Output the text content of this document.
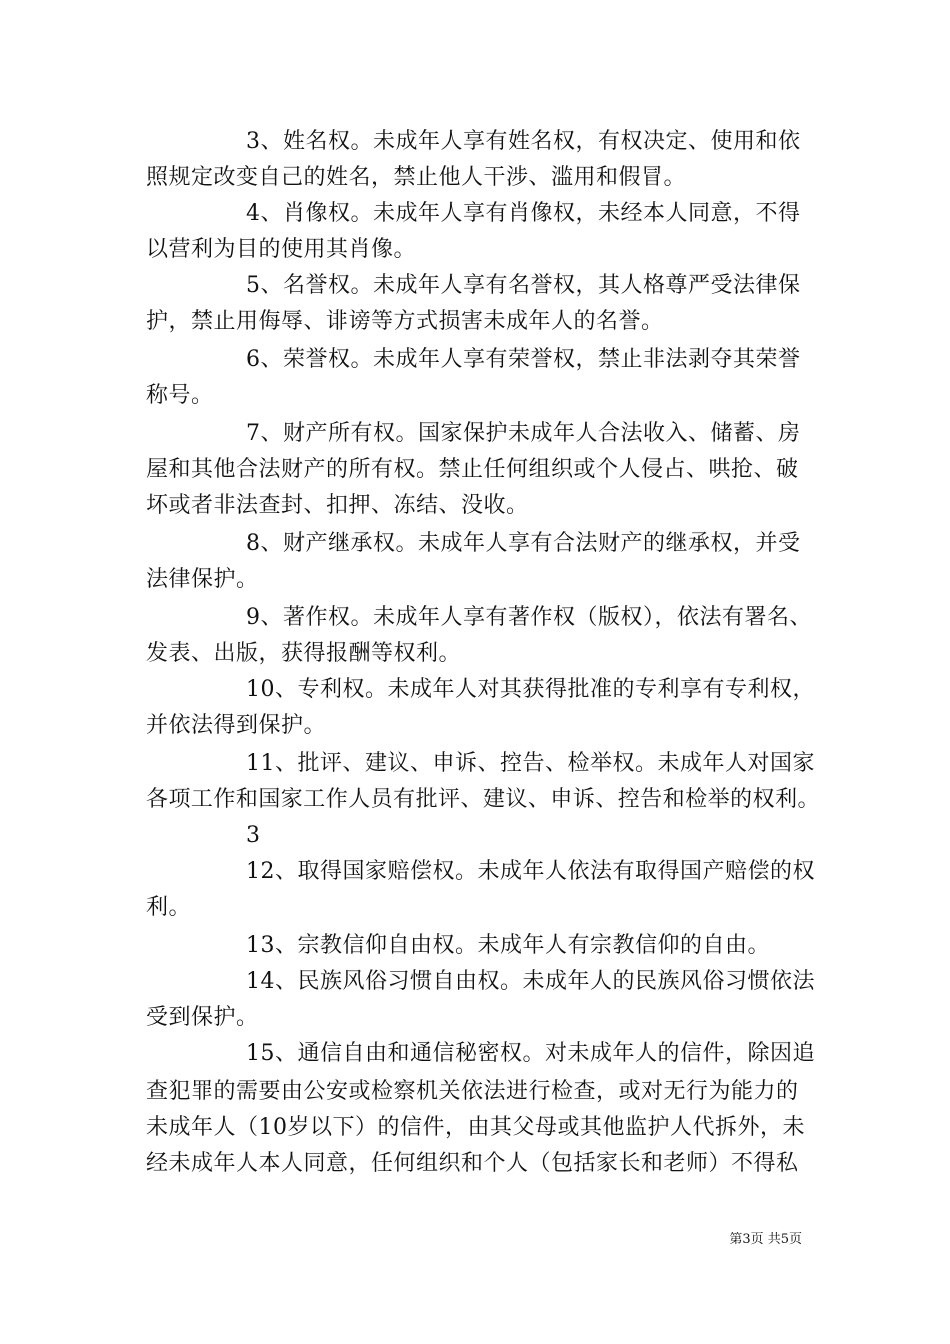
3、姓名权。未成年人享有姓名权，有权决定、使用和依
照规定改变自己的姓名，禁止他人干涉、滥用和假冒。
4、肖像权。未成年人享有肖像权，未经本人同意，不得
以营利为目的使用其肖像。
5、名誉权。未成年人享有名誉权，其人格尊严受法律保
护，禁止用侮辱、诽谤等方式损害未成年人的名誉。
6、荣誉权。未成年人享有荣誉权，禁止非法剥夺其荣誉
称号。
7、财产所有权。国家保护未成年人合法收入、储蓄、房
屋和其他合法财产的所有权。禁止任何组织或个人侵占、哄抢、破
坏或者非法查封、扣押、冻结、没收。
8、财产继承权。未成年人享有合法财产的继承权，并受
法律保护。
9、著作权。未成年人享有著作权（版权），依法有署名、
发表、出版，获得报酬等权利。
10、专利权。未成年人对其获得批准的专利享有专利权，
并依法得到保护。
11、批评、建议、申诉、控告、检举权。未成年人对国家
各项工作和国家工作人员有批评、建议、申诉、控告和检举的权利。
3
12、取得国家赔偿权。未成年人依法有取得国产赔偿的权
利。
13、宗教信仰自由权。未成年人有宗教信仰的自由。
14、民族风俗习惯自由权。未成年人的民族风俗习惯依法
受到保护。
15、通信自由和通信秘密权。对未成年人的信件，除因追
查犯罪的需要由公安或检察机关依法进行检查，或对无行为能力的
未成年人（10岁以下）的信件，由其父母或其他监护人代拆外，未
经未成年人本人同意，任何组织和个人（包括家长和老师）不得私
第3页 共5页
